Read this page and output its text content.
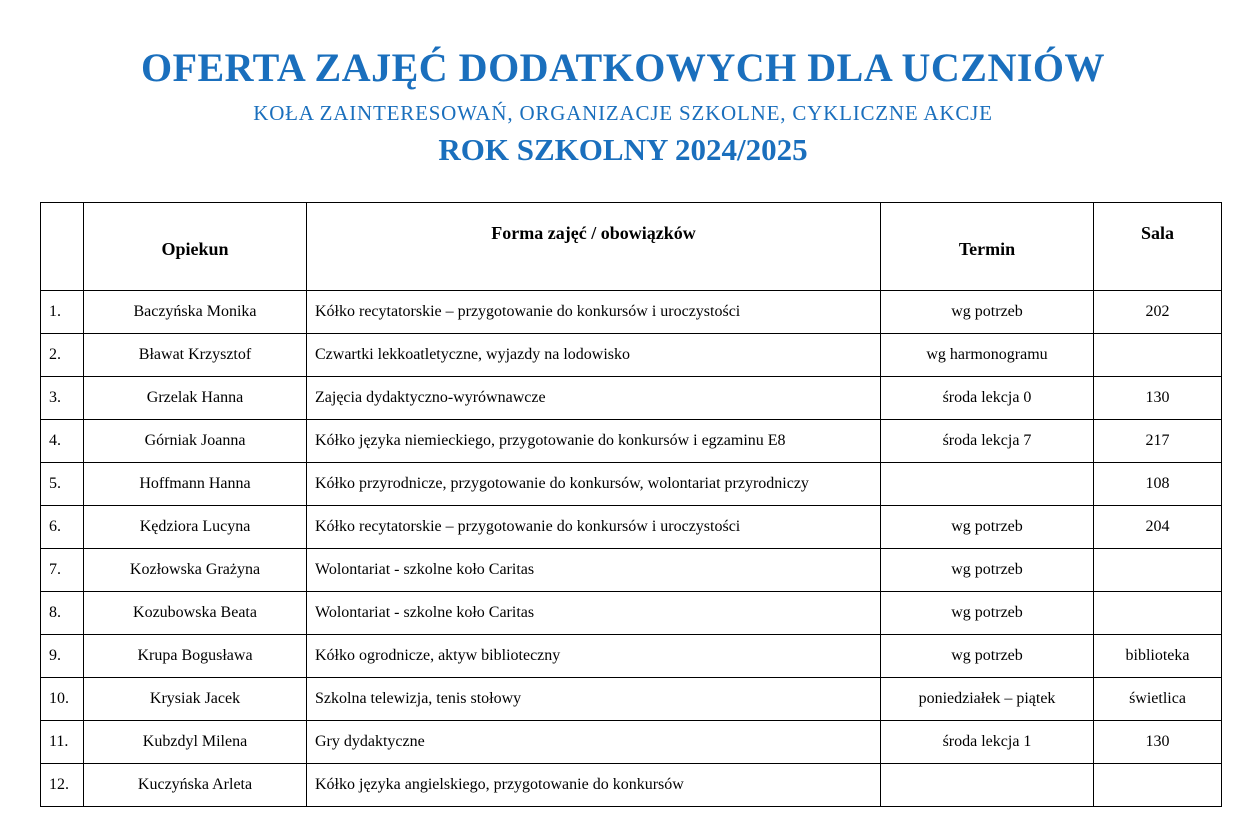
OFERTA ZAJĘĆ DODATKOWYCH DLA UCZNIÓW
KOŁA ZAINTERESOWAŃ, ORGANIZACJE SZKOLNE, CYKLICZNE AKCJE
ROK SZKOLNY 2024/2025
	Opiekun	Forma zajęć / obowiązków	Termin	Sala
1.	Baczyńska Monika	Kółko recytatorskie – przygotowanie do konkursów i uroczystości	wg potrzeb	202
2.	Bławat Krzysztof	Czwartki lekkoatletyczne, wyjazdy na lodowisko	wg harmonogramu	
3.	Grzelak Hanna	Zajęcia dydaktyczno-wyrównawcze	środa lekcja 0	130
4.	Górniak Joanna	Kółko języka niemieckiego, przygotowanie do konkursów i egzaminu E8	środa lekcja 7	217
5.	Hoffmann Hanna	Kółko przyrodnicze, przygotowanie do konkursów, wolontariat przyrodniczy		108
6.	Kędziora Lucyna	Kółko recytatorskie – przygotowanie do konkursów i uroczystości	wg potrzeb	204
7.	Kozłowska Grażyna	Wolontariat - szkolne koło Caritas	wg potrzeb	
8.	Kozubowska Beata	Wolontariat - szkolne koło Caritas	wg potrzeb	
9.	Krupa Bogusława	Kółko ogrodnicze, aktyw biblioteczny	wg potrzeb	biblioteka
10.	Krysiak Jacek	Szkolna telewizja, tenis stołowy	poniedziałek – piątek	świetlica
11.	Kubzdyl Milena	Gry dydaktyczne	środa lekcja 1	130
12.	Kuczyńska Arleta	Kółko języka angielskiego, przygotowanie do konkursów		
